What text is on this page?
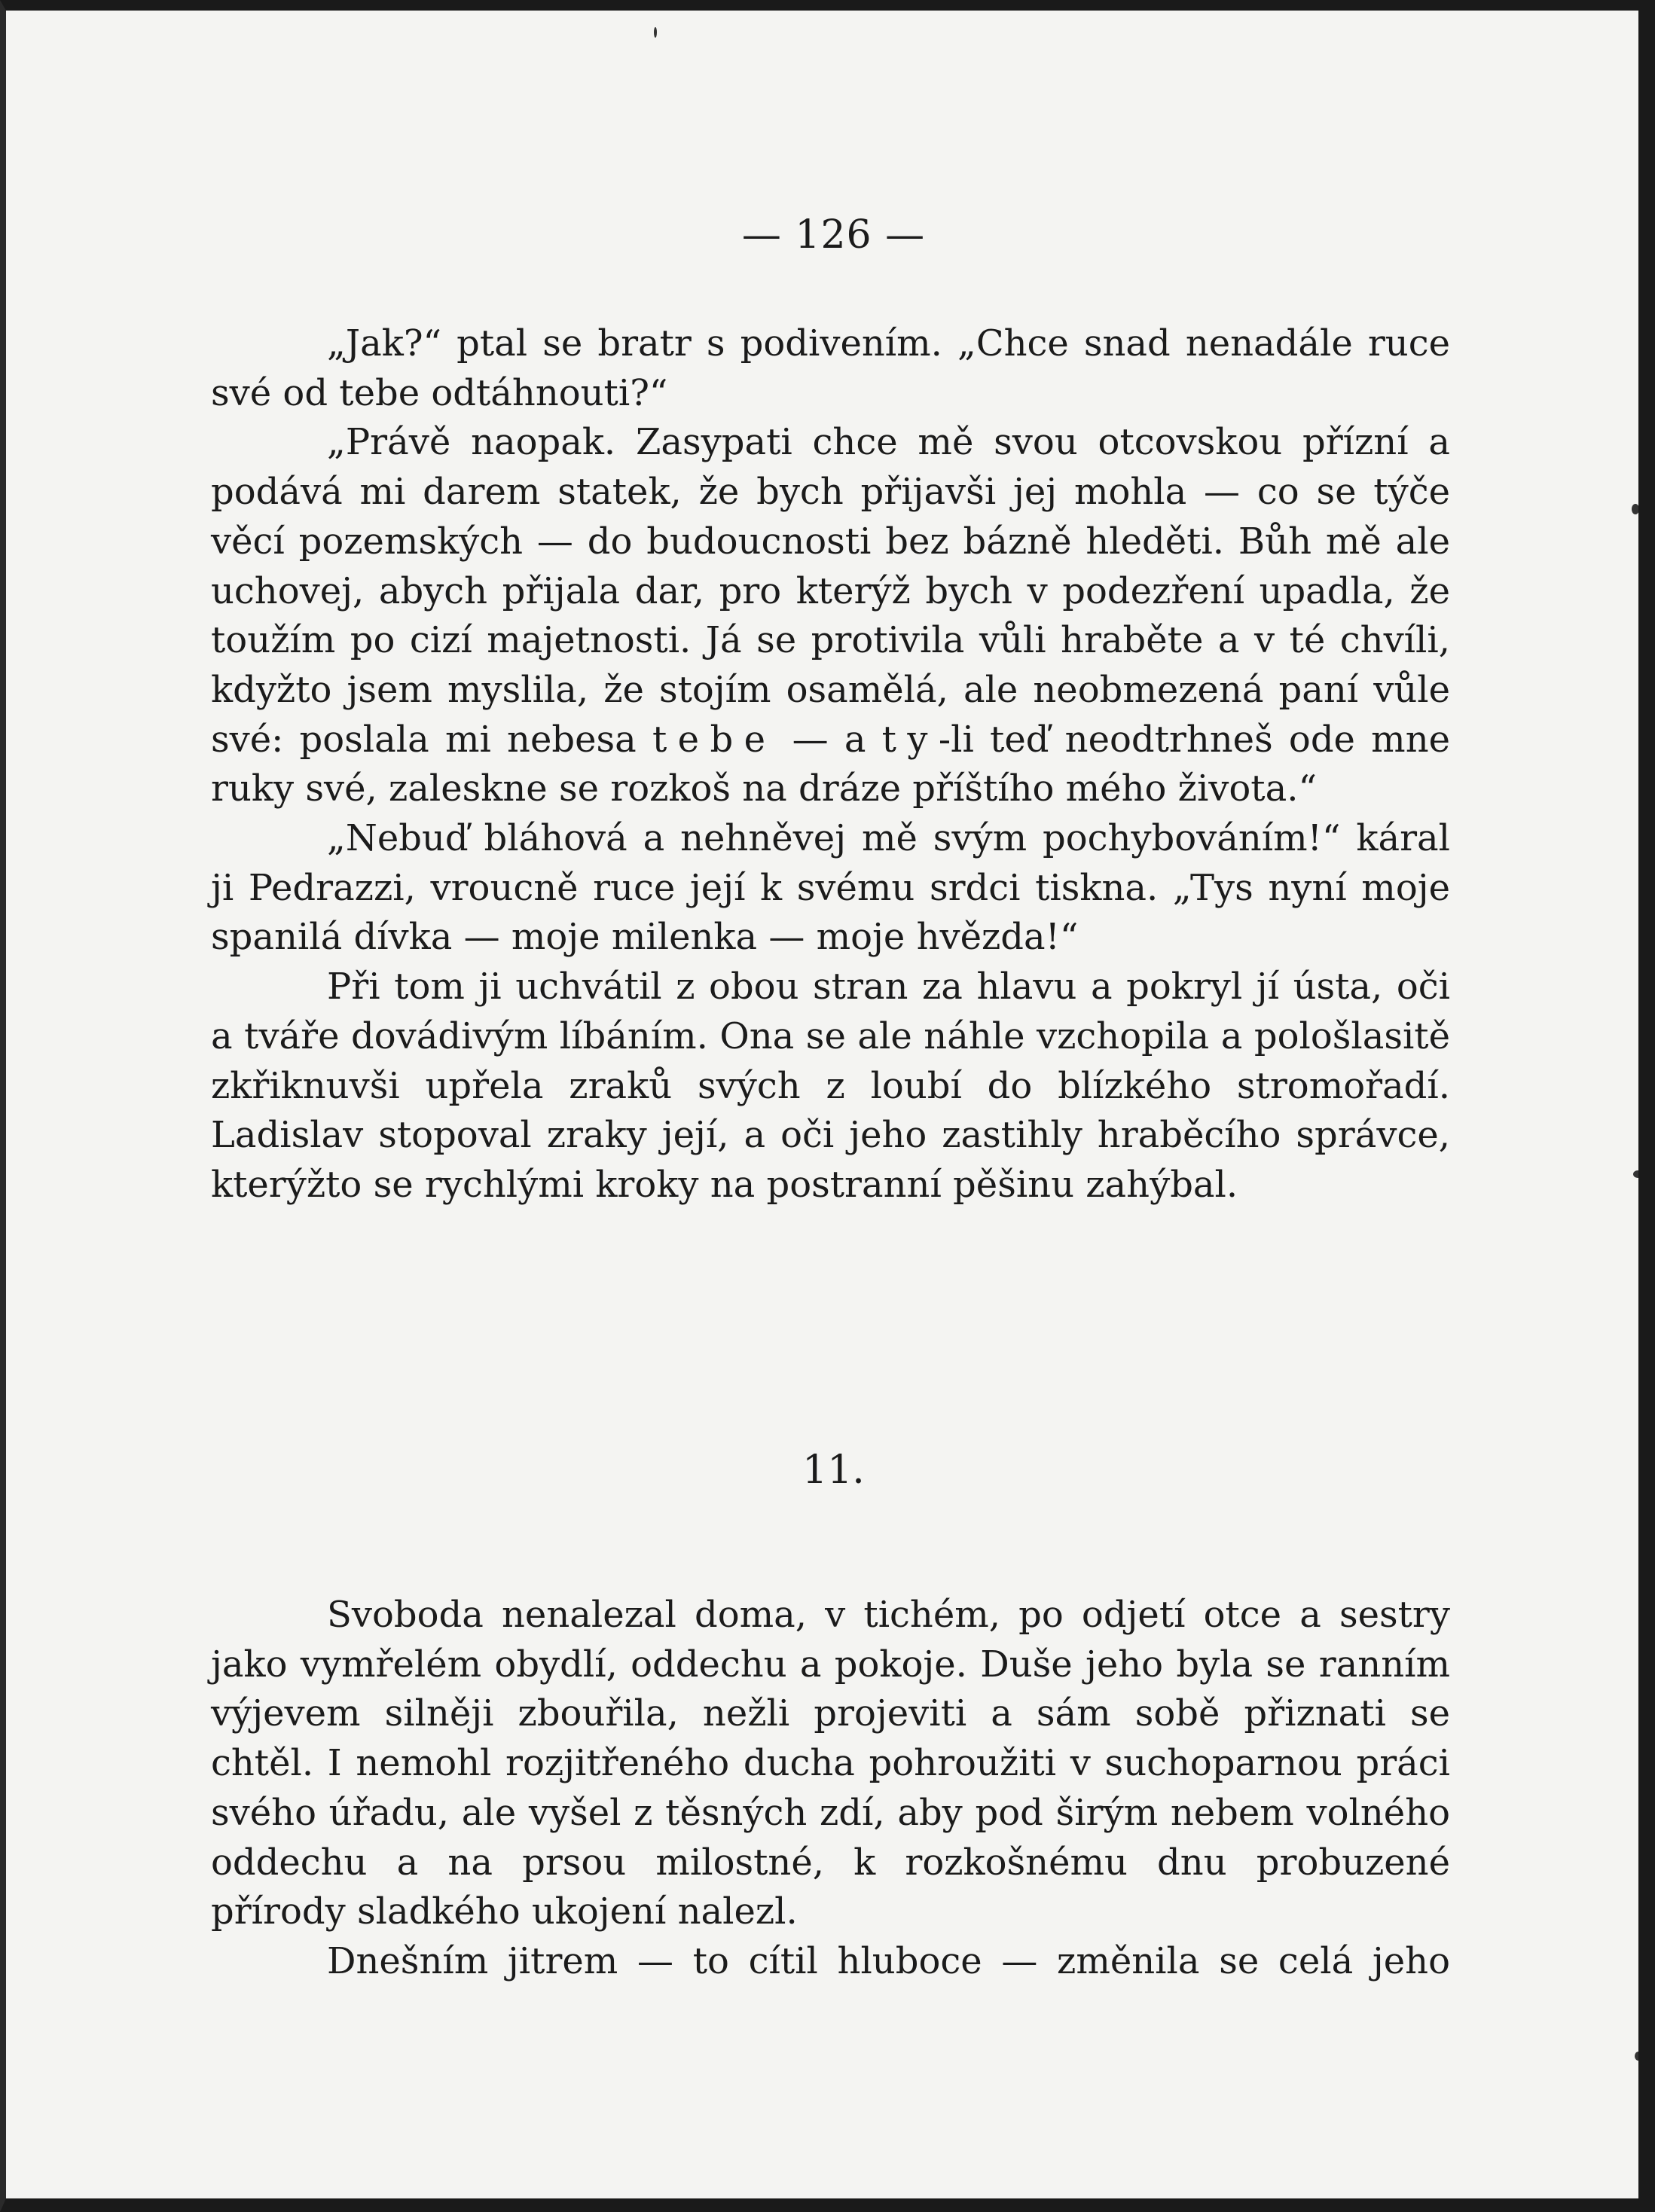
— 126 —

„Jak?“ ptal se bratr s podivením. „Chce snad nenadále ruce své od tebe odtáhnouti?“

„Právě naopak. Zasypati chce mě svou otcovskou přízní a podává mi darem statek, že bych přijavši jej mohla — co se týče věcí pozemských — do budoucnosti bez bázně hleděti. Bůh mě ale uchovej, abych přijala dar, pro kterýž bych v podezření upadla, že toužím po cizí majetnosti. Já se protivila vůli hraběte a v té chvíli, kdyžto jsem myslila, že stojím osamělá, ale neobmezená paní vůle své: poslala mi nebesa tebe — a ty-li teď neodtrhneš ode mne ruky své, zaleskne se rozkoš na dráze příštího mého života.“

„Nebuď bláhová a nehněvej mě svým pochybováním!“ káral ji Pedrazzi, vroucně ruce její k svému srdci tiskna. „Tys nyní moje spanilá dívka — moje milenka — moje hvězda!“

Při tom ji uchvátil z obou stran za hlavu a pokryl jí ústa, oči a tváře dovádivým líbáním. Ona se ale náhle vzchopila a pološlasitě zkřiknuvši upřela zraků svých z loubí do blízkého stromořadí. Ladislav stopoval zraky její, a oči jeho zastihly hraběcího správce, kterýžto se rychlými kroky na postranní pěšinu zahýbal.

11.

Svoboda nenalezal doma, v tichém, po odjetí otce a sestry jako vymřelém obydlí, oddechu a pokoje. Duše jeho byla se ranním výjevem silněji zbouřila, nežli projeviti a sám sobě přiznati se chtěl. I nemohl rozjitřeného ducha pohroužiti v suchoparnou práci svého úřadu, ale vyšel z těsných zdí, aby pod širým nebem volného oddechu a na prsou milostné, k rozkošnému dnu probuzené přírody sladkého ukojení nalezl.

Dnešním jitrem — to cítil hluboce — změnila se celá jeho
